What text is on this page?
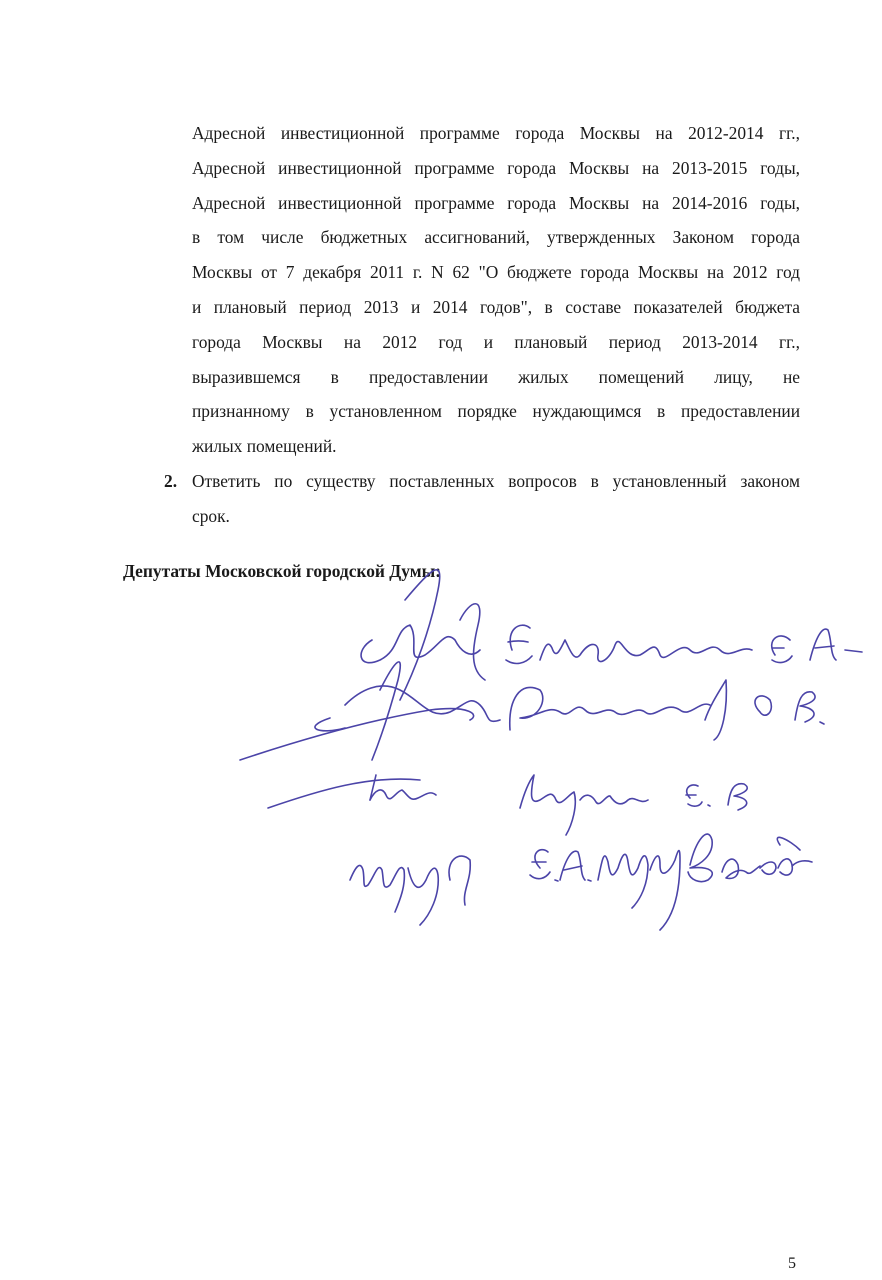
Адресной инвестиционной программе города Москвы на 2012-2014 гг.,
Адресной инвестиционной программе города Москвы на 2013-2015 годы,
Адресной инвестиционной программе города Москвы на 2014-2016 годы,
в том числе бюджетных ассигнований, утвержденных Законом города
Москвы от 7 декабря 2011 г. N 62 "О бюджете города Москвы на 2012 год
и плановый период 2013 и 2014 годов", в составе показателей бюджета
города Москвы на 2012 год и плановый период 2013-2014 гг.,
выразившемся в предоставлении жилых помещений лицу, не
признанному в установленном порядке нуждающимся в предоставлении
жилых помещений.
2. Ответить по существу поставленных вопросов в установленный законом
срок.
Депутаты Московской городской Думы:
5
